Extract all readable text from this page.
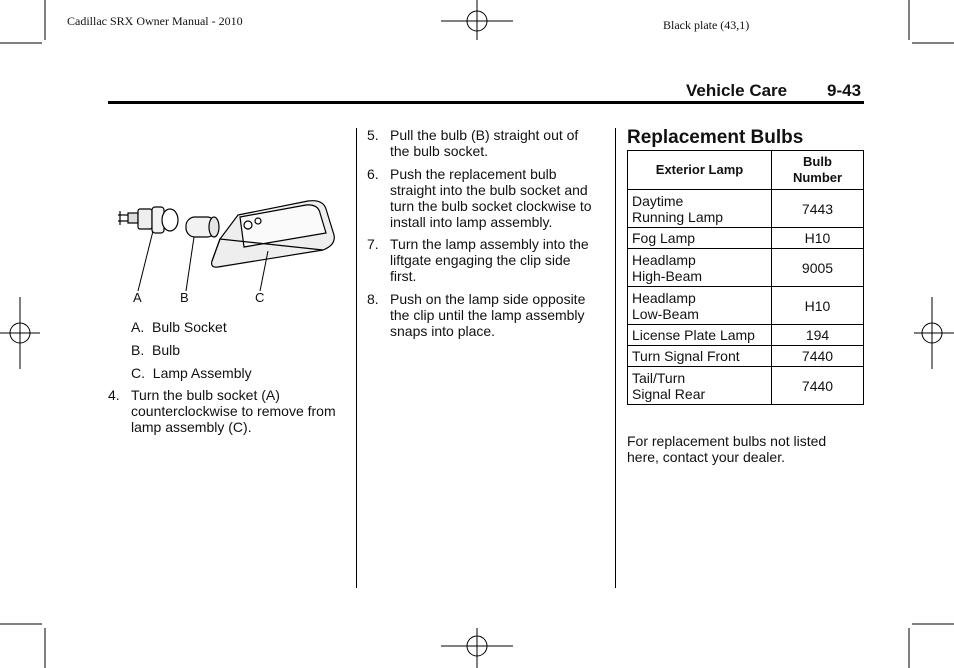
Cadillac SRX Owner Manual - 2010	Black plate (43,1)
Vehicle Care 9-43
A	B	C
A. Bulb Socket
B. Bulb
C. Lamp Assembly
4. Turn the bulb socket (A)
counterclockwise to remove from
lamp assembly (C).
5. Pull the bulb (B) straight out of
the bulb socket.
6. Push the replacement bulb
straight into the bulb socket and
turn the bulb socket clockwise to
install into lamp assembly.
7. Turn the lamp assembly into the
liftgate engaging the clip side
first.
8. Push on the lamp side opposite
the clip until the lamp assembly
snaps into place.
Replacement Bulbs
Exterior Lamp	Bulb
Number

Daytime
Running Lamp	7443

Fog Lamp	H10

Headlamp
High-Beam	9005

Headlamp
Low-Beam	H10

License Plate Lamp	194

Turn Signal Front	7440

Tail/Turn
Signal Rear	7440
For replacement bulbs not listed
here, contact your dealer.
